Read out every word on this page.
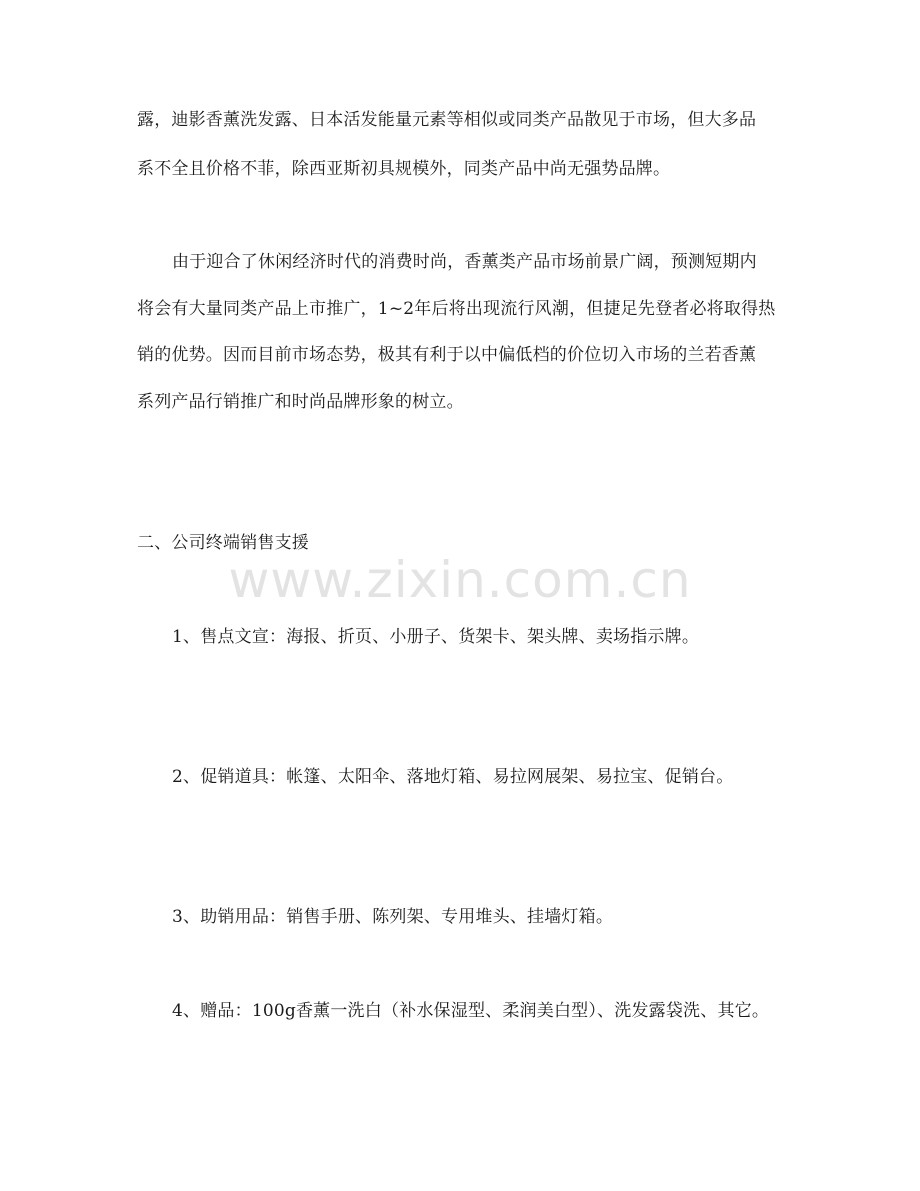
露，迪影香薰洗发露、日本活发能量元素等相似或同类产品散见于市场，但大多品
系不全且价格不菲，除西亚斯初具规模外，同类产品中尚无强势品牌。
由于迎合了休闲经济时代的消费时尚，香薰类产品市场前景广阔，预测短期内
将会有大量同类产品上市推广，1~2年后将出现流行风潮，但捷足先登者必将取得热
销的优势。因而目前市场态势，极其有利于以中偏低档的价位切入市场的兰若香薰
系列产品行销推广和时尚品牌形象的树立。
二、公司终端销售支援
www.zixin.com.cn
1、售点文宣：海报、折页、小册子、货架卡、架头牌、卖场指示牌。
2、促销道具：帐篷、太阳伞、落地灯箱、易拉网展架、易拉宝、促销台。
3、助销用品：销售手册、陈列架、专用堆头、挂墙灯箱。
4、赠品：100g香薰一洗白（补水保湿型、柔润美白型）、洗发露袋洗、其它。
